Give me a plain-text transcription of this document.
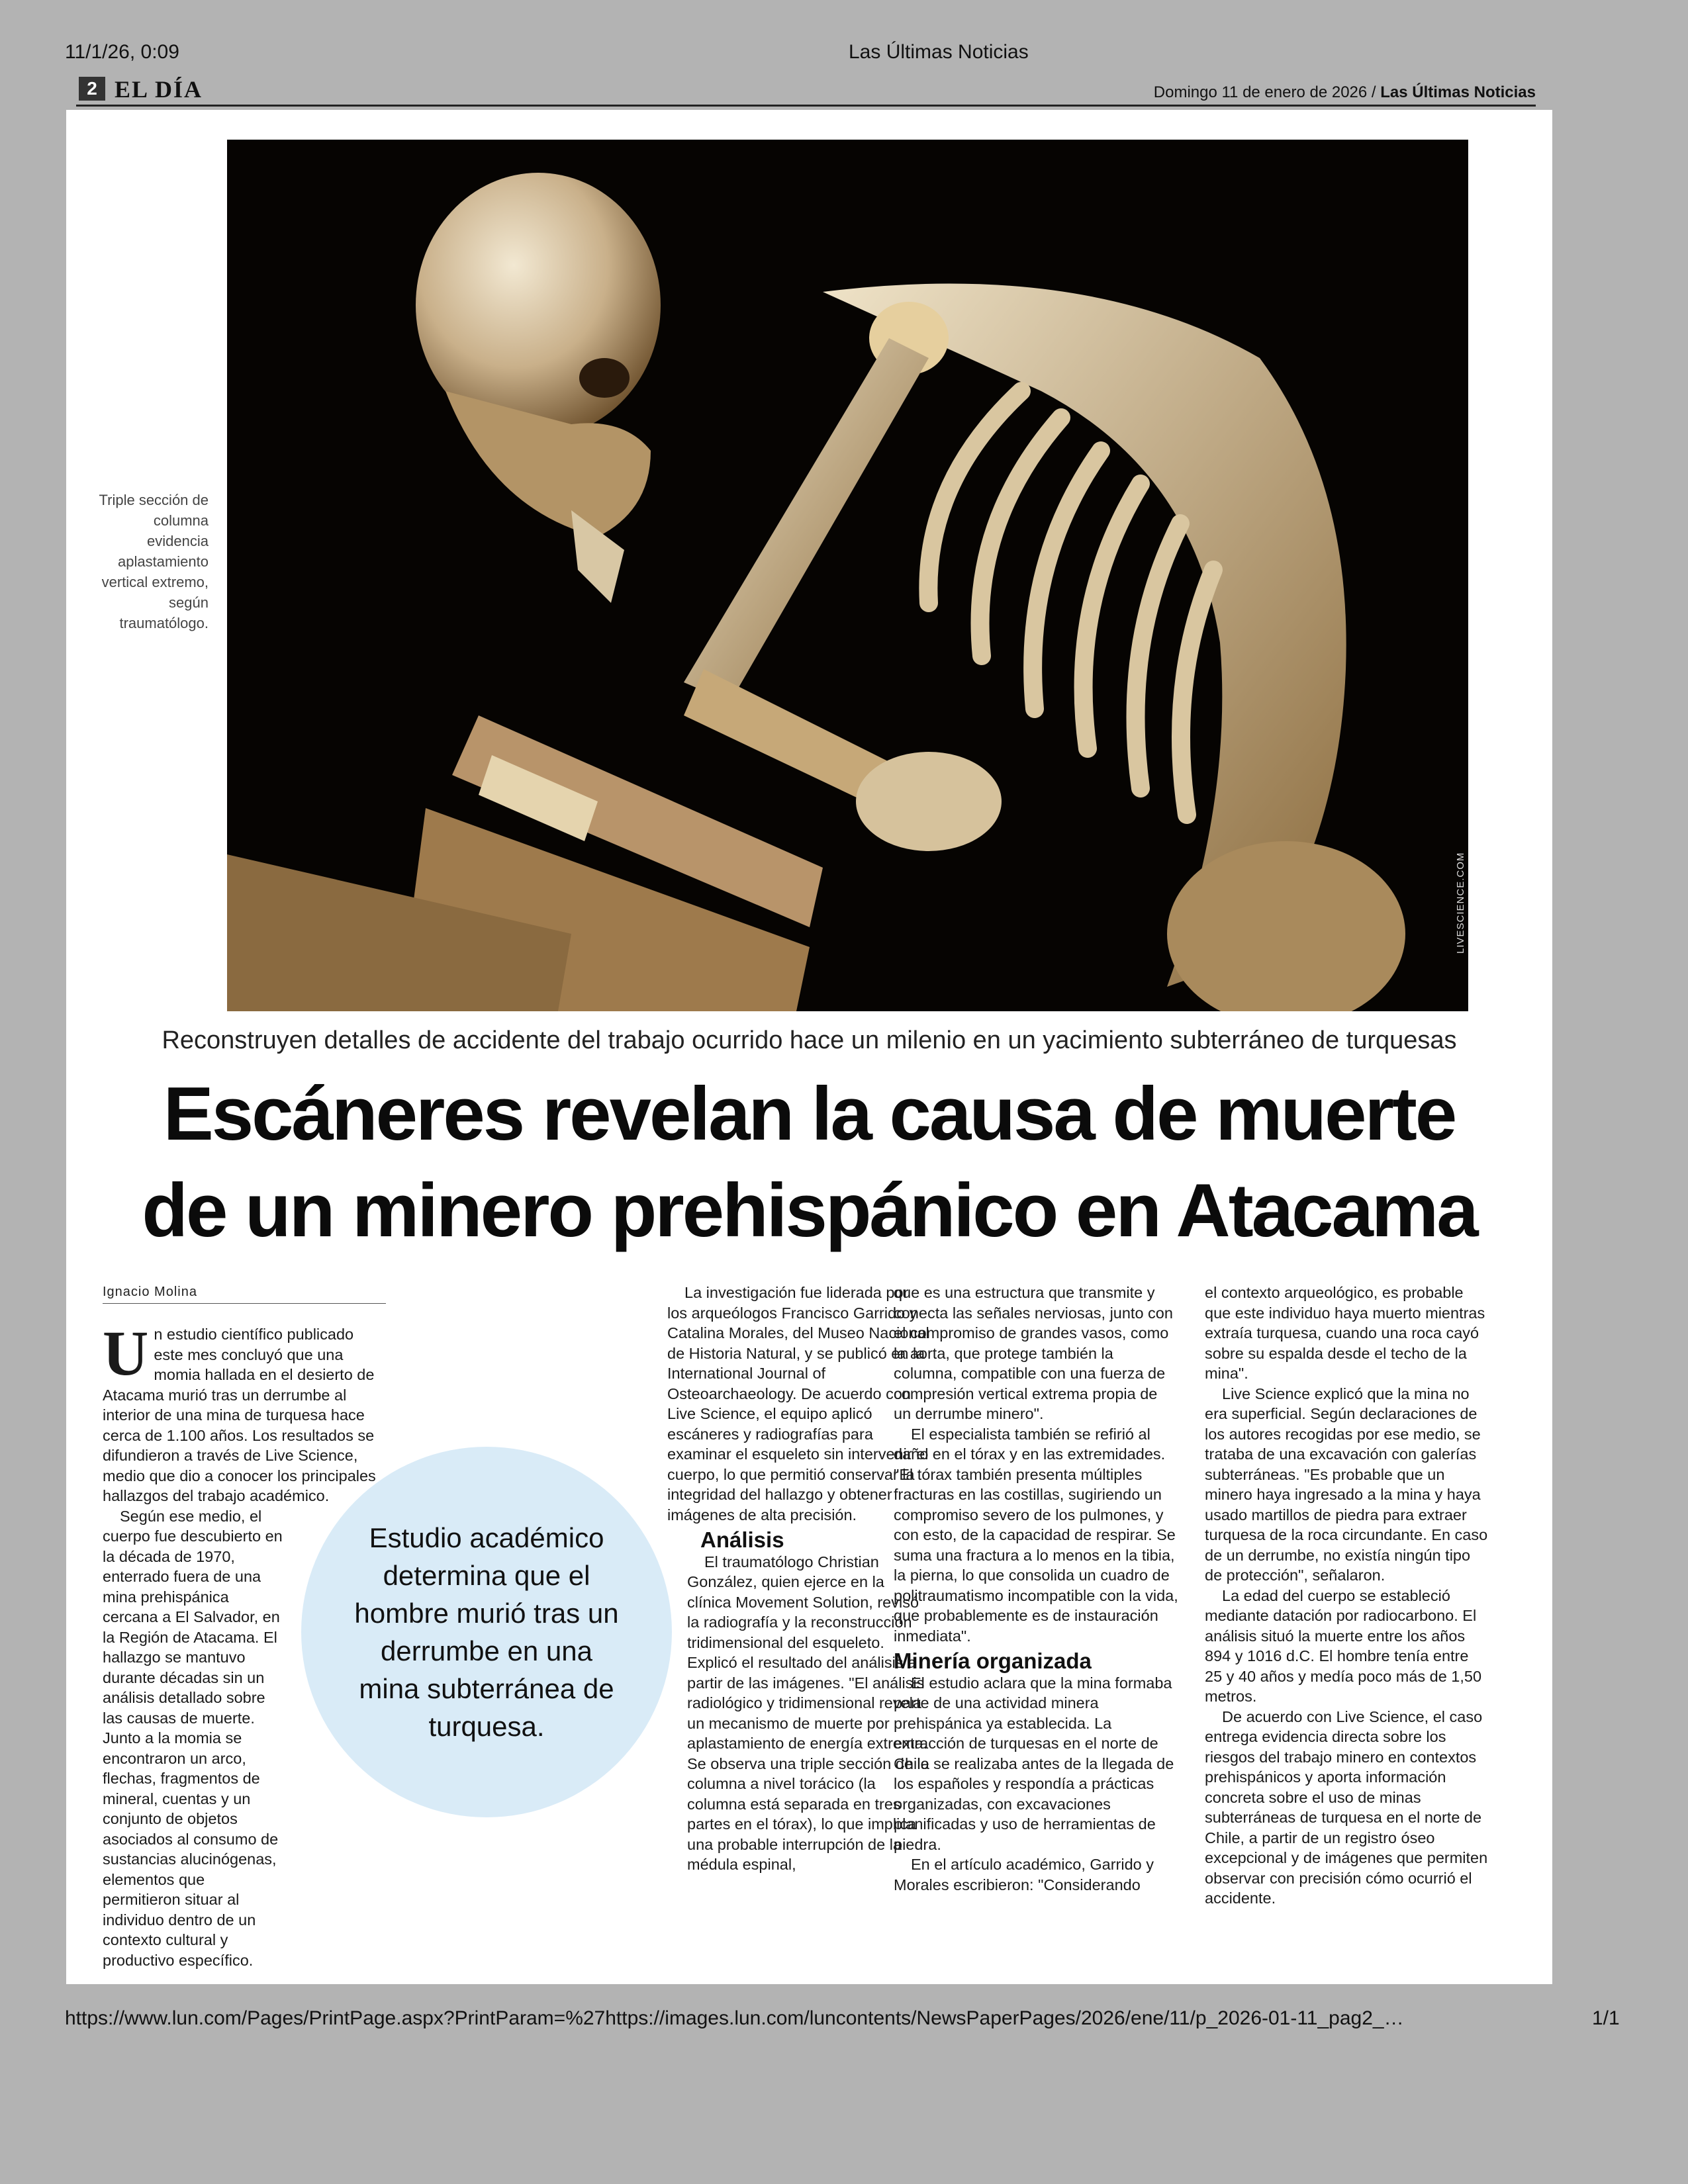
11/1/26, 0:09	Las Últimas Noticias
https://www.lun.com/Pages/PrintPage.aspx?PrintParam=%27https://images.lun.com/luncontents/NewsPaperPages/2026/ene/11/p_2026-01-11_pag2_…	1/1
2 EL DÍA	Domingo 11 de enero de 2026 / Las Últimas Noticias
LIVESCIENCE.COM
Triple sección de columna evidencia aplastamiento vertical extremo, según traumatólogo.
Reconstruyen detalles de accidente del trabajo ocurrido hace un milenio en un yacimiento subterráneo de turquesas
Escáneres revelan la causa de muerte
de un minero prehispánico en Atacama
Ignacio Molina
U n estudio científico publicado este mes concluyó que una momia hallada en el desierto de Atacama murió tras un derrumbe al interior de una mina de turquesa hace cerca de 1.100 años. Los resultados se difundieron a través de Live Science, medio que dio a conocer los principales hallazgos del trabajo académico.

Según ese medio, el cuerpo fue descubierto en la década de 1970, enterrado fuera de una mina prehispánica cercana a El Salvador, en la Región de Atacama. El hallazgo se mantuvo durante décadas sin un análisis detallado sobre las causas de muerte. Junto a la momia se encontraron un arco, flechas, fragmentos de mineral, cuentas y un conjunto de objetos asociados al consumo de sustancias alucinógenas, elementos que permitieron situar al individuo dentro de un contexto cultural y productivo específico.

La investigación fue liderada por los arqueólogos Francisco Garrido y Catalina Morales, del Museo Nacional de Historia Natural, y se publicó en la International Journal of Osteoarchaeology. De acuerdo con Live Science, el equipo aplicó escáneres y radiografías para examinar el esqueleto sin intervenir el cuerpo, lo que permitió conservar la integridad del hallazgo y obtener imágenes de alta precisión.

Análisis

El traumatólogo Christian González, quien ejerce en la clínica Movement Solution, revisó la radiografía y la reconstrucción tridimensional del esqueleto. Explicó el resultado del análisis a partir de las imágenes. "El análisis radiológico y tridimensional revela un mecanismo de muerte por aplastamiento de energía extrema. Se observa una triple sección de la columna a nivel torácico (la columna está separada en tres partes en el tórax), lo que implica una probable interrupción de la médula espinal,

que es una estructura que transmite y conecta las señales nerviosas, junto con el compromiso de grandes vasos, como la aorta, que protege también la columna, compatible con una fuerza de compresión vertical extrema propia de un derrumbe minero".

El especialista también se refirió al daño en el tórax y en las extremidades. "El tórax también presenta múltiples fracturas en las costillas, sugiriendo un compromiso severo de los pulmones, y con esto, de la capacidad de respirar. Se suma una fractura a lo menos en la tibia, la pierna, lo que consolida un cuadro de politraumatismo incompatible con la vida, que probablemente es de instauración inmediata".

Minería organizada

El estudio aclara que la mina formaba parte de una actividad minera prehispánica ya establecida. La extracción de turquesas en el norte de Chile se realizaba antes de la llegada de los españoles y respondía a prácticas organizadas, con excavaciones planificadas y uso de herramientas de piedra.

En el artículo académico, Garrido y Morales escribieron: "Considerando

el contexto arqueológico, es probable que este individuo haya muerto mientras extraía turquesa, cuando una roca cayó sobre su espalda desde el techo de la mina".

Live Science explicó que la mina no era superficial. Según declaraciones de los autores recogidas por ese medio, se trataba de una excavación con galerías subterráneas. "Es probable que un minero haya ingresado a la mina y haya usado martillos de piedra para extraer turquesa de la roca circundante. En caso de un derrumbe, no existía ningún tipo de protección", señalaron.

La edad del cuerpo se estableció mediante datación por radiocarbono. El análisis situó la muerte entre los años 894 y 1016 d.C. El hombre tenía entre 25 y 40 años y medía poco más de 1,50 metros.

De acuerdo con Live Science, el caso entrega evidencia directa sobre los riesgos del trabajo minero en contextos prehispánicos y aporta información concreta sobre el uso de minas subterráneas de turquesa en el norte de Chile, a partir de un registro óseo excepcional y de imágenes que permiten observar con precisión cómo ocurrió el accidente.

Estudio académico determina que el hombre murió tras un derrumbe en una mina subterránea de turquesa.
